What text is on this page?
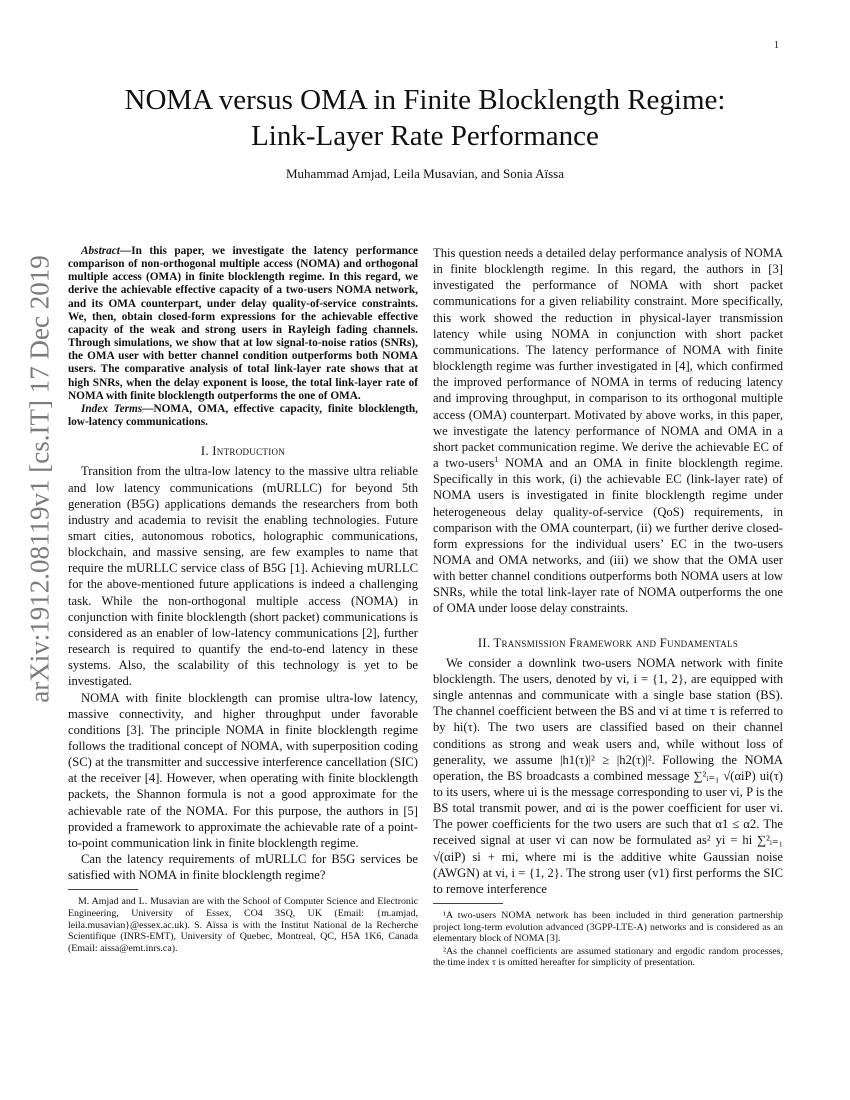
1
NOMA versus OMA in Finite Blocklength Regime:
Link-Layer Rate Performance
Muhammad Amjad, Leila Musavian, and Sonia Aïssa
arXiv:1912.08119v1 [cs.IT] 17 Dec 2019

Abstract—In this paper, we investigate the latency performance comparison of non-orthogonal multiple access (NOMA) and orthogonal multiple access (OMA) in finite blocklength regime. In this regard, we derive the achievable effective capacity of a two-users NOMA network, and its OMA counterpart, under delay quality-of-service constraints. We, then, obtain closed-form expressions for the achievable effective capacity of the weak and strong users in Rayleigh fading channels. Through simulations, we show that at low signal-to-noise ratios (SNRs), the OMA user with better channel condition outperforms both NOMA users. The comparative analysis of total link-layer rate shows that at high SNRs, when the delay exponent is loose, the total link-layer rate of NOMA with finite blocklength outperforms the one of OMA.

Index Terms—NOMA, OMA, effective capacity, finite blocklength, low-latency communications.

I. Introduction

Transition from the ultra-low latency to the massive ultra reliable and low latency communications (mURLLC) for beyond 5th generation (B5G) applications demands the researchers from both industry and academia to revisit the enabling technologies. Future smart cities, autonomous robotics, holographic communications, blockchain, and massive sensing, are few examples to name that require the mURLLC service class of B5G [1]. Achieving mURLLC for the above-mentioned future applications is indeed a challenging task. While the non-orthogonal multiple access (NOMA) in conjunction with finite blocklength (short packet) communications is considered as an enabler of low-latency communications [2], further research is required to quantify the end-to-end latency in these systems. Also, the scalability of this technology is yet to be investigated.

NOMA with finite blocklength can promise ultra-low latency, massive connectivity, and higher throughput under favorable conditions [3]. The principle NOMA in finite blocklength regime follows the traditional concept of NOMA, with superposition coding (SC) at the transmitter and successive interference cancellation (SIC) at the receiver [4]. However, when operating with finite blocklength packets, the Shannon formula is not a good approximate for the achievable rate of the NOMA. For this purpose, the authors in [5] provided a framework to approximate the achievable rate of a point-to-point communication link in finite blocklength regime.

Can the latency requirements of mURLLC for B5G services be satisfied with NOMA in finite blocklength regime?

M. Amjad and L. Musavian are with the School of Computer Science and Electronic Engineering, University of Essex, CO4 3SQ, UK (Email: {m.amjad, leila.musavian}@essex.ac.uk). S. Aïssa is with the Institut National de la Recherche Scientifique (INRS-EMT), University of Quebec, Montreal, QC, H5A 1K6, Canada (Email: aissa@emt.inrs.ca).

This question needs a detailed delay performance analysis of NOMA in finite blocklength regime. In this regard, the authors in [3] investigated the performance of NOMA with short packet communications for a given reliability constraint. More specifically, this work showed the reduction in physical-layer transmission latency while using NOMA in conjunction with short packet communications. The latency performance of NOMA with finite blocklength regime was further investigated in [4], which confirmed the improved performance of NOMA in terms of reducing latency and improving throughput, in comparison to its orthogonal multiple access (OMA) counterpart. Motivated by above works, in this paper, we investigate the latency performance of NOMA and OMA in a short packet communication regime. We derive the achievable EC of a two-users$^1$ NOMA and an OMA in finite blocklength regime. Specifically in this work, (i) the achievable EC (link-layer rate) of NOMA users is investigated in finite blocklength regime under heterogeneous delay quality-of-service (QoS) requirements, in comparison with the OMA counterpart, (ii) we further derive closed-form expressions for the individual users’ EC in the two-users NOMA and OMA networks, and (iii) we show that the OMA user with better channel conditions outperforms both NOMA users at low SNRs, while the total link-layer rate of NOMA outperforms the one of OMA under loose delay constraints.

II. Transmission Framework and Fundamentals

We consider a downlink two-users NOMA network with finite blocklength. The users, denoted by vi, i = {1, 2}, are equipped with single antennas and communicate with a single base station (BS). The channel coefficient between the BS and vi at time τ is referred to by hi(τ). The two users are classified based on their channel conditions as strong and weak users and, while without loss of generality, we assume |h1(τ)|² ≥ |h2(τ)|². Following the NOMA operation, the BS broadcasts a combined message ∑²ᵢ₌₁ √(αiP) ui(τ) to its users, where ui is the message corresponding to user vi, P is the BS total transmit power, and αi is the power coefficient for user vi. The power coefficients for the two users are such that α1 ≤ α2. The received signal at user vi can now be formulated as² yi = hi ∑²ᵢ₌₁ √(αiP) si + mi, where mi is the additive white Gaussian noise (AWGN) at vi, i = {1, 2}. The strong user (v1) first performs the SIC to remove interference

¹A two-users NOMA network has been included in third generation partnership project long-term evolution advanced (3GPP-LTE-A) networks and is considered as an elementary block of NOMA [3].

²As the channel coefficients are assumed stationary and ergodic random processes, the time index τ is omitted hereafter for simplicity of presentation.
